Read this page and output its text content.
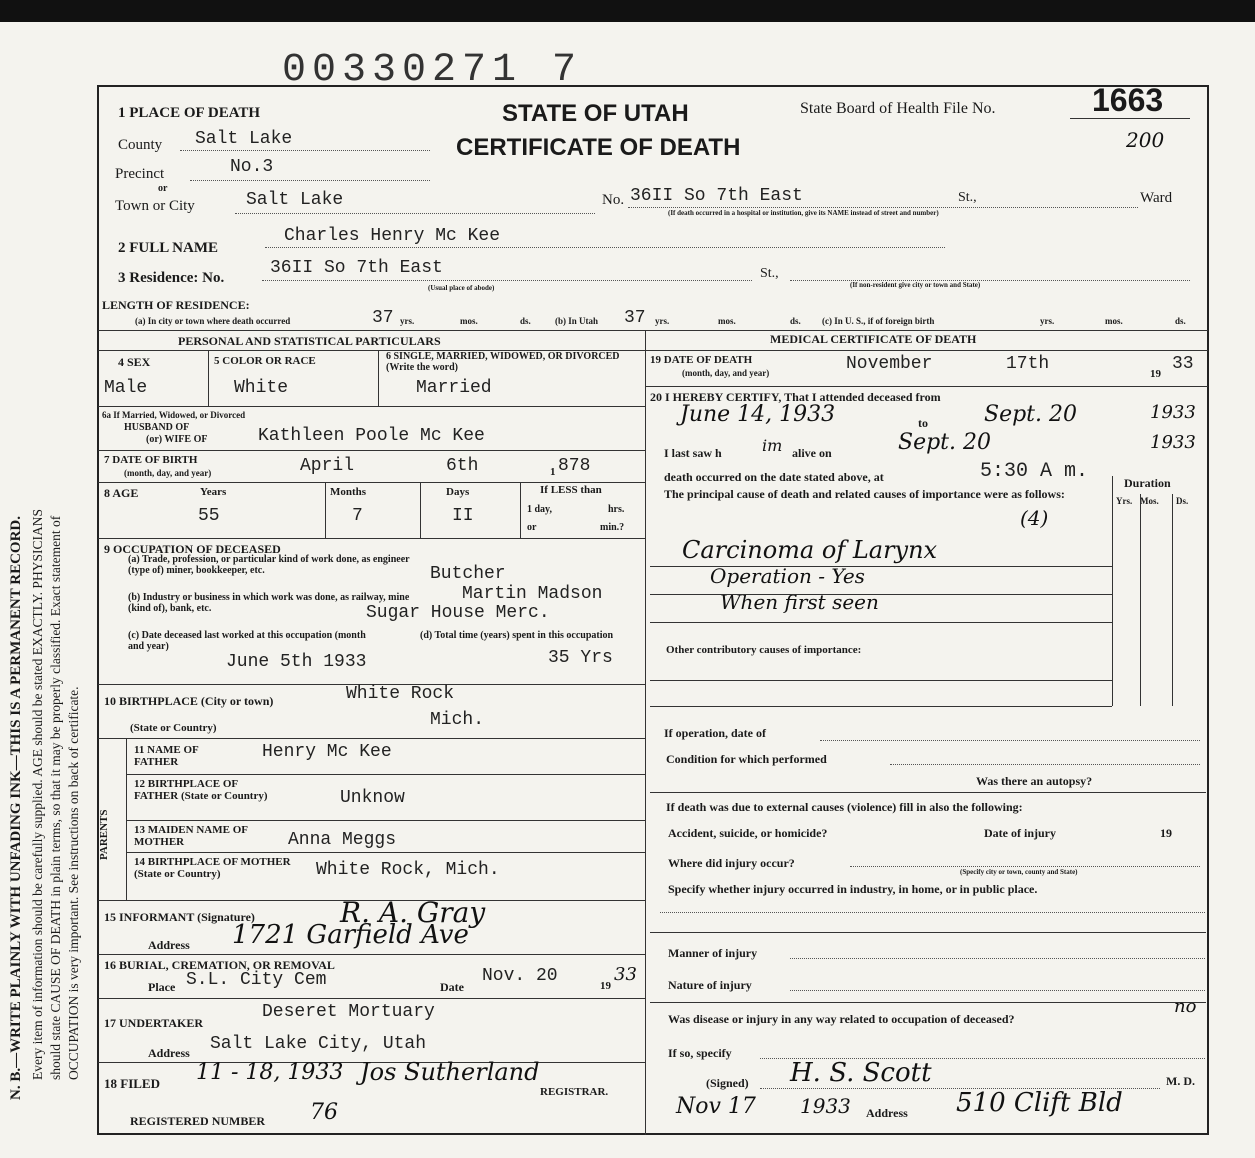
N. B.—WRITE PLAINLY WITH UNFADING INK—THIS IS A PERMANENT RECORD. Every item of information should be carefully supplied. AGE should be stated EXACTLY. PHYSICIANS should state CAUSE OF DEATH in plain terms, so that it may be properly classified. Exact statement of OCCUPATION is very important. See instructions on back of certificate.
00330271 7
STATE OF UTAH
CERTIFICATE OF DEATH
State Board of Health File No.	1663
200
1 PLACE OF DEATH
County Salt Lake
Precinct	No.3
or
Town or City	Salt Lake	No. 36II So 7th East	St.,	Ward
(If death occurred in a hospital or institution, give its NAME instead of street and number)
2 FULL NAME
Charles Henry Mc Kee
3 Residence: No.	36II So 7th East
(Usual place of abode)
St.,
(If non-resident give city or town and State)
LENGTH OF RESIDENCE:
(a) In city or town where death occurred	37 yrs.	mos.	ds.	(b) In Utah 37 yrs.	mos.	ds. (c) In U. S., if of foreign birth	yrs.	mos.	ds.
PERSONAL AND STATISTICAL PARTICULARS
4 SEX
Male
5 COLOR OR RACE
White
6 SINGLE, MARRIED, WIDOWED, OR DIVORCED (Write the word)
Married
6a If Married, Widowed, or Divorced
HUSBAND OF
(or) WIFE OF	Kathleen Poole Mc Kee
7 DATE OF BIRTH
(month, day, and year)	April	6th	1 878
8 AGE	Years	Months	Days
55	7	II
If LESS than
1 day,	hrs.
or	min.?
9 OCCUPATION OF DECEASED
(a) Trade, profession, or particular kind of work done, as engineer (type of) miner, bookkeeper, etc.	Butcher
(b) Industry or business in which work was done, as railway, mine (kind of), bank, etc.
Martin Madson
Sugar House Merc.
(c) Date deceased last worked at this occupation (month and year)
June 5th 1933
(d) Total time (years) spent in this occupation
35 Yrs
10 BIRTHPLACE (City or town)	White Rock
(State or Country)	Mich.
PARENTS
11 NAME OF FATHER	Henry Mc Kee
12 BIRTHPLACE OF FATHER (State or Country)	Unknow
13 MAIDEN NAME OF MOTHER	Anna Meggs
14 BIRTHPLACE OF MOTHER (State or Country)	White Rock, Mich.
15 INFORMANT (Signature)	R. A. Gray
Address 1721 Garfield Ave
16 BURIAL, CREMATION, OR REMOVAL
Place S.L. City Cem	Date
Nov. 20	19
33
17 UNDERTAKER
Deseret Mortuary
Address Salt Lake City, Utah
18 FILED 11 - 18, 1933 Jos Sutherland
REGISTRAR.
REGISTERED NUMBER 76
MEDICAL CERTIFICATE OF DEATH
19 DATE OF DEATH
(month, day, and year)	November	17th	19 33
20 I HEREBY CERTIFY, That I attended deceased from
June 14, 1933	to	Sept. 20	1933
I last saw h	im alive on	Sept. 20	1933
death occurred on the date stated above, at	5:30 A m.
The principal cause of death and related causes of importance were as follows:
Duration
Yrs. Mos. Ds.
(4)
Carcinoma of Larynx
Operation - Yes
When first seen
Other contributory causes of importance:
If operation, date of
Condition for which performed
Was there an autopsy?
If death was due to external causes (violence) fill in also the following:
Accident, suicide, or homicide?	Date of injury	19
Where did injury occur?
(Specify city or town, county and State)
Specify whether injury occurred in industry, in home, or in public place.
Manner of injury
Nature of injury
Was disease or injury in any way related to occupation of deceased?
no
If so, specify
(Signed) H. S. Scott	M. D.
Nov 17 1933 Address 510 Clift Bld
